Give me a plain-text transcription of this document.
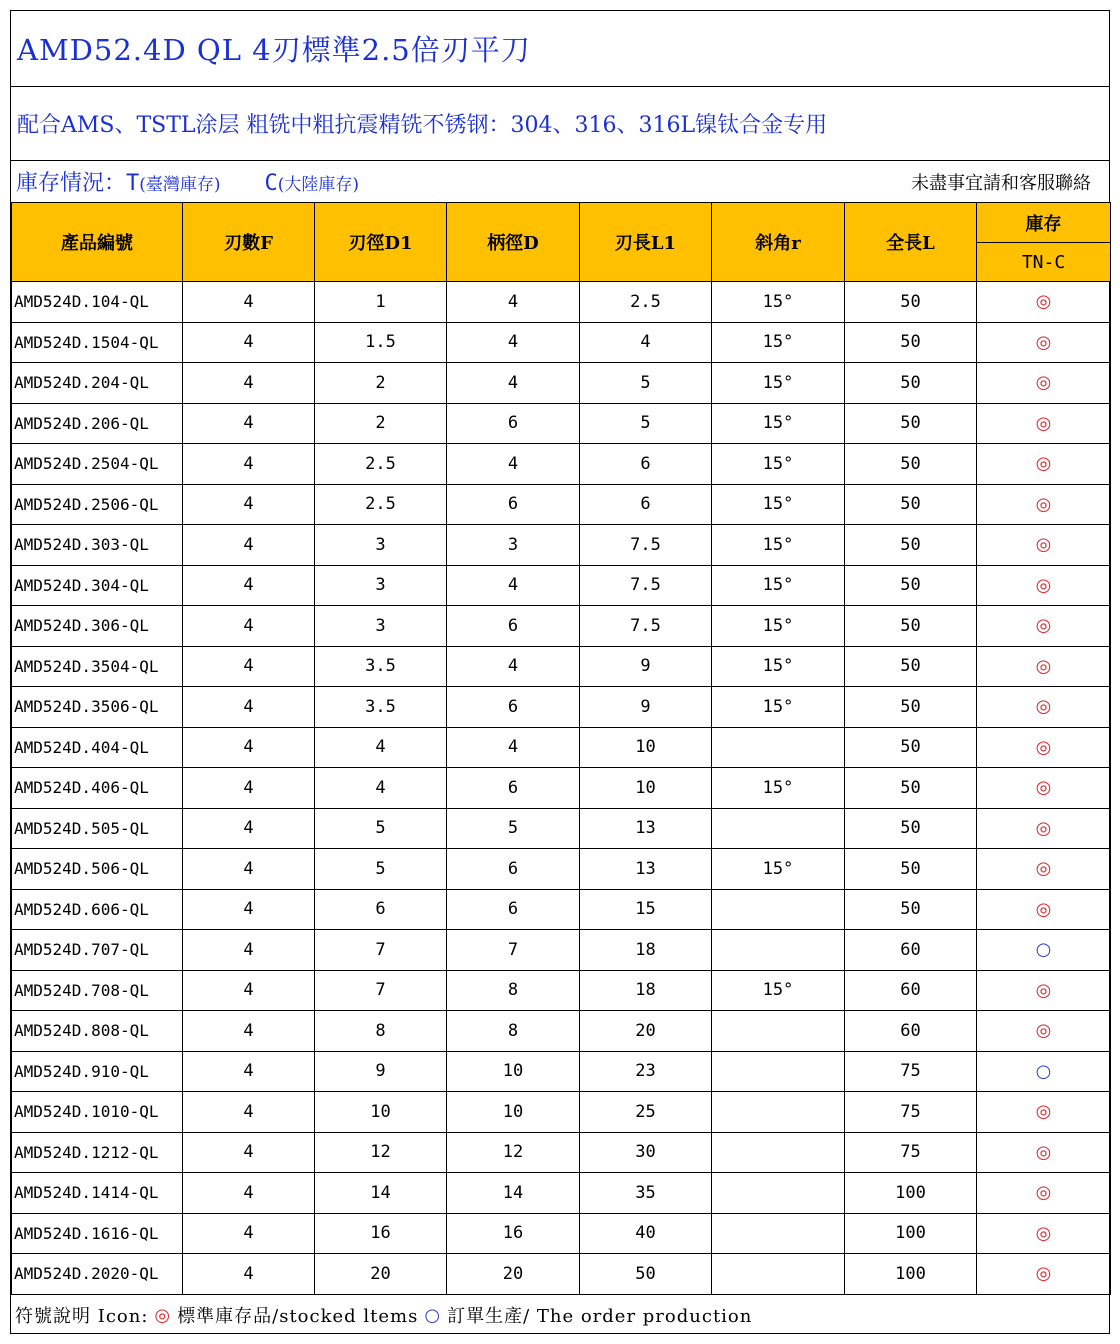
AMD52.4D QL 4刃標準2.5倍刃平刀
配合AMS、TSTL涂层 粗铣中粗抗震精铣不锈钢：304、316、316L镍钛合金专用
庫存情況：T(臺灣庫存) C(大陸庫存)	未盡事宜請和客服聯絡
產品編號	刃數F	刃徑D1	柄徑D	刃長L1	斜角r	全長L	庫存
							TN-C
AMD524D.104-QL	4	1	4	2.5	15°	50	◎
AMD524D.1504-QL	4	1.5	4	4	15°	50	◎
AMD524D.204-QL	4	2	4	5	15°	50	◎
AMD524D.206-QL	4	2	6	5	15°	50	◎
AMD524D.2504-QL	4	2.5	4	6	15°	50	◎
AMD524D.2506-QL	4	2.5	6	6	15°	50	◎
AMD524D.303-QL	4	3	3	7.5	15°	50	◎
AMD524D.304-QL	4	3	4	7.5	15°	50	◎
AMD524D.306-QL	4	3	6	7.5	15°	50	◎
AMD524D.3504-QL	4	3.5	4	9	15°	50	◎
AMD524D.3506-QL	4	3.5	6	9	15°	50	◎
AMD524D.404-QL	4	4	4	10		50	◎
AMD524D.406-QL	4	4	6	10	15°	50	◎
AMD524D.505-QL	4	5	5	13		50	◎
AMD524D.506-QL	4	5	6	13	15°	50	◎
AMD524D.606-QL	4	6	6	15		50	◎
AMD524D.707-QL	4	7	7	18		60	○
AMD524D.708-QL	4	7	8	18	15°	60	◎
AMD524D.808-QL	4	8	8	20		60	◎
AMD524D.910-QL	4	9	10	23		75	○
AMD524D.1010-QL	4	10	10	25		75	◎
AMD524D.1212-QL	4	12	12	30		75	◎
AMD524D.1414-QL	4	14	14	35		100	◎
AMD524D.1616-QL	4	16	16	40		100	◎
AMD524D.2020-QL	4	20	20	50		100	◎
符號說明 Icon: ◎ 標準庫存品/stocked ltems ○ 訂單生產/ The order production
